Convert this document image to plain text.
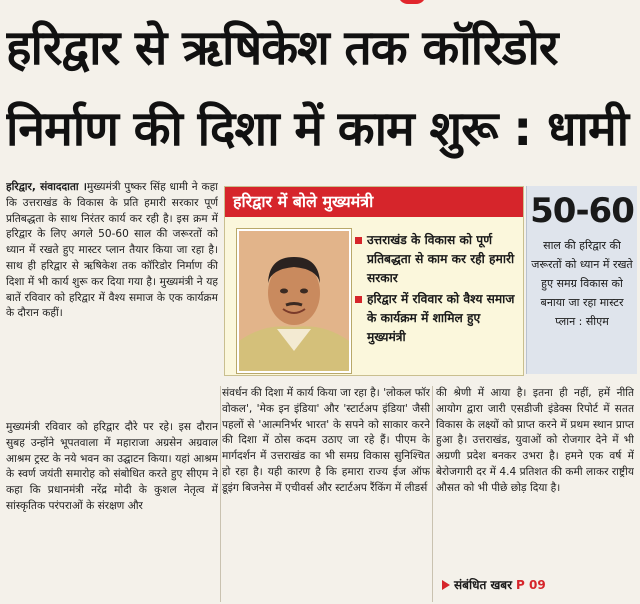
हरिद्वार से ऋषिकेश तक कॉरिडोर
निर्माण की दिशा में काम शुरू : धामी

हरिद्वार, संवाददाता ।मुख्यमंत्री पुष्कर सिंह धामी ने कहा कि उत्तराखंड के विकास के प्रति हमारी सरकार पूर्ण प्रतिबद्धता के साथ निरंतर कार्य कर रही है। इस क्रम में हरिद्वार के लिए अगले 50-60 साल की जरूरतों को ध्यान में रखते हुए मास्टर प्लान तैयार किया जा रहा है। साथ ही हरिद्वार से ऋषिकेश तक कॉरिडोर निर्माण की दिशा में भी कार्य शुरू कर दिया गया है। मुख्यमंत्री ने यह बातें रविवार को हरिद्वार में वैश्य समाज के एक कार्यक्रम के दौरान कहीं।

मुख्यमंत्री रविवार को हरिद्वार दौरे पर रहे। इस दौरान सुबह उन्होंने भूपतवाला में महाराजा अग्रसेन अग्रवाल आश्रम ट्रस्ट के नये भवन का उद्घाटन किया। यहां आश्रम के स्वर्ण जयंती समारोह को संबोधित करते हुए सीएम ने कहा कि प्रधानमंत्री नरेंद्र मोदी के कुशल नेतृत्व में सांस्कृतिक परंपराओं के संरक्षण और

संवर्धन की दिशा में कार्य किया जा रहा है। 'लोकल फॉर वोकल', 'मेक इन इंडिया' और 'स्टार्टअप इंडिया' जैसी पहलों से 'आत्मनिर्भर भारत' के सपने को साकार करने की दिशा में ठोस कदम उठाए जा रहे हैं। पीएम के मार्गदर्शन में उत्तराखंड का भी समग्र विकास सुनिश्चित हो रहा है। यही कारण है कि हमारा राज्य ईज ऑफ डूइंग बिजनेस में एचीवर्स और स्टार्टअप रैंकिंग में लीडर्स

की श्रेणी में आया है। इतना ही नहीं, हमें नीति आयोग द्वारा जारी एसडीजी इंडेक्स रिपोर्ट में सतत विकास के लक्ष्यों को प्राप्त करने में प्रथम स्थान प्राप्त हुआ है। उत्तराखंड, युवाओं को रोजगार देने में भी अग्रणी प्रदेश बनकर उभरा है। हमने एक वर्ष में बेरोजगारी दर में 4.4 प्रतिशत की कमी लाकर राष्ट्रीय औसत को भी पीछे छोड़ दिया है।

हरिद्वार में बोले मुख्यमंत्री
उत्तराखंड के विकास को पूर्ण प्रतिबद्धता से काम कर रही हमारी सरकार
हरिद्वार में रविवार को वैश्य समाज के कार्यक्रम में शामिल हुए मुख्यमंत्री
50-60
साल की हरिद्वार की जरूरतों को ध्यान में रखते हुए समग्र विकास को बनाया जा रहा मास्टर प्लान : सीएम
संबंधित खबर P 09
